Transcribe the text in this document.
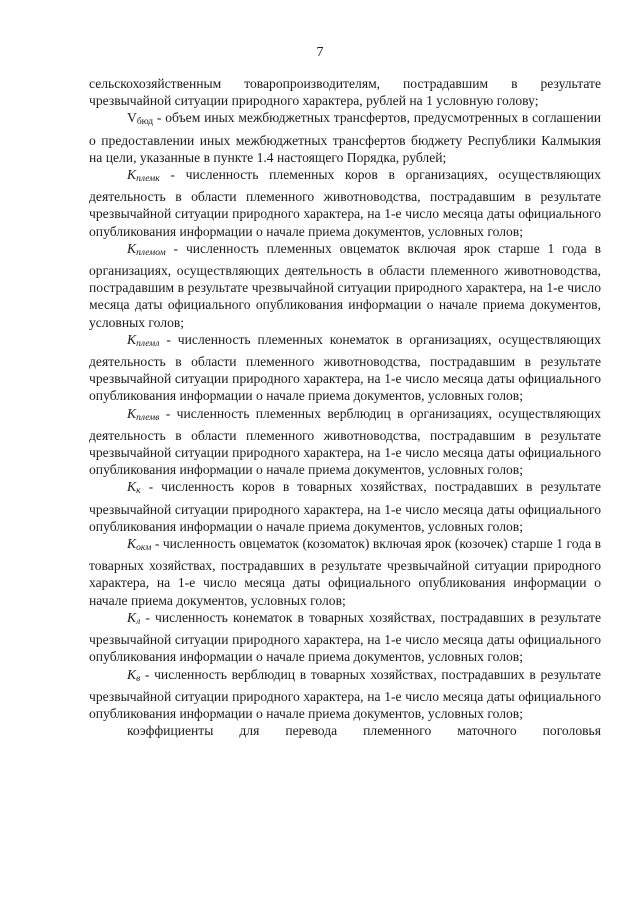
7

сельскохозяйственным товаропроизводителям, пострадавшим в результате чрезвычайной ситуации природного характера, рублей на 1 условную голову;

Vбюд - объем иных межбюджетных трансфертов, предусмотренных в соглашении о предоставлении иных межбюджетных трансфертов бюджету Республики Калмыкия на цели, указанные в пункте 1.4 настоящего Порядка, рублей;

$K_{племк}$ - численность племенных коров в организациях, осуществляющих деятельность в области племенного животноводства, пострадавшим в результате чрезвычайной ситуации природного характера, на 1-е число месяца даты официального опубликования информации о начале приема документов, условных голов;

$K_{племом}$ - численность племенных овцематок включая ярок старше 1 года в организациях, осуществляющих деятельность в области племенного животноводства, пострадавшим в результате чрезвычайной ситуации природного характера, на 1-е число месяца даты официального опубликования информации о начале приема документов, условных голов;

$K_{племл}$ - численность племенных конематок в организациях, осуществляющих деятельность в области племенного животноводства, пострадавшим в результате чрезвычайной ситуации природного характера, на 1-е число месяца даты официального опубликования информации о начале приема документов, условных голов;

$K_{племв}$ - численность племенных верблюдиц в организациях, осуществляющих деятельность в области племенного животноводства, пострадавшим в результате чрезвычайной ситуации природного характера, на 1-е число месяца даты официального опубликования информации о начале приема документов, условных голов;

$K_к$ - численность коров в товарных хозяйствах, пострадавших в результате чрезвычайной ситуации природного характера, на 1-е число месяца даты официального опубликования информации о начале приема документов, условных голов;

$K_{окм}$ - численность овцематок (козоматок) включая ярок (козочек) старше 1 года в товарных хозяйствах, пострадавших в результате чрезвычайной ситуации природного характера, на 1-е число месяца даты официального опубликования информации о начале приема документов, условных голов;

$K_л$ - численность конематок в товарных хозяйствах, пострадавших в результате чрезвычайной ситуации природного характера, на 1-е число месяца даты официального опубликования информации о начале приема документов, условных голов;

$K_в$ - численность верблюдиц в товарных хозяйствах, пострадавших в результате чрезвычайной ситуации природного характера, на 1-е число месяца даты официального опубликования информации о начале приема документов, условных голов;

коэффициенты для перевода племенного маточного поголовья
